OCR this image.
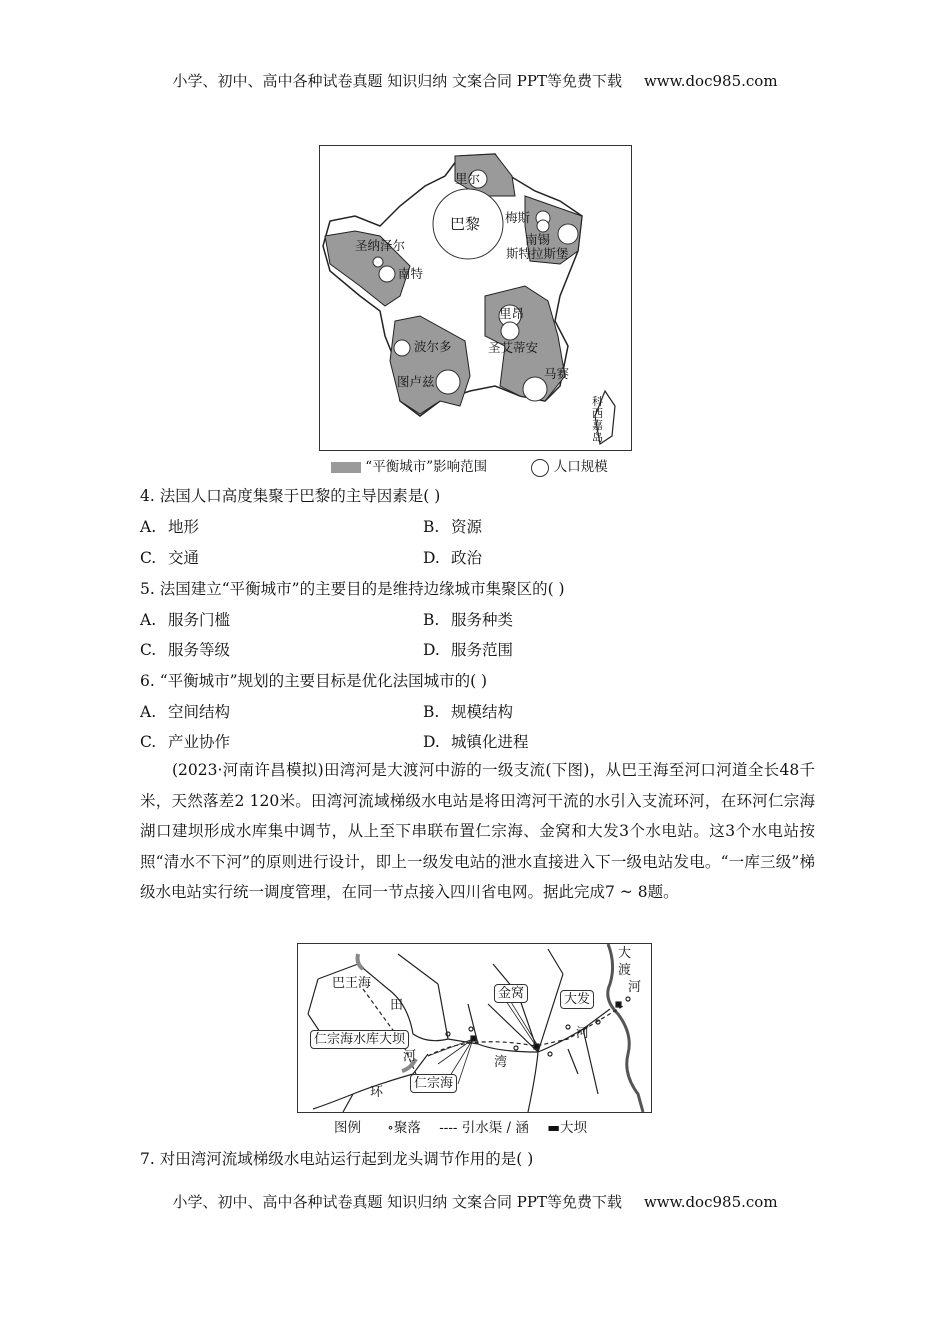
小学、初中、高中各种试卷真题 知识归纳 文案合同 PPT等免费下载 www.doc985.com
里尔
巴黎 梅斯
南锡
斯特拉斯堡
圣纳泽尔
南特
里昂
圣艾蒂安
波尔多
图卢兹
马赛
科
西
嘉
岛
“平衡城市”影响范围	人口规模
4. 法国人口高度集聚于巴黎的主导因素是( )
A. 地形	B. 资源
C. 交通	D. 政治
5. 法国建立“平衡城市”的主要目的是维持边缘城市集聚区的( )
A. 服务门槛	B. 服务种类
C. 服务等级	D. 服务范围
6. “平衡城市”规划的主要目标是优化法国城市的( )
A. 空间结构	B. 规模结构
C. 产业协作	D. 城镇化进程
(2023·河南许昌模拟)田湾河是大渡河中游的一级支流(下图)，从巴王海至河口河道全长48千米，天然落差2 120米。田湾河流域梯级水电站是将田湾河干流的水引入支流环河，在环河仁宗海湖口建坝形成水库集中调节，从上至下串联布置仁宗海、金窝和大发3个水电站。这3个水电站按照“清水不下河”的原则进行设计，即上一级发电站的泄水直接进入下一级电站发电。“一库三级”梯级水电站实行统一调度管理，在同一节点接入四川省电网。据此完成7 ~ 8题。
巴王海
田
仁宗海水库大坝
河
环
仁宗海
湾
金窝	大发
河
大
渡
河
图例 ∘聚落 ---- 引水渠 / 涵 ▬大坝
7. 对田湾河流域梯级水电站运行起到龙头调节作用的是( )
小学、初中、高中各种试卷真题 知识归纳 文案合同 PPT等免费下载 www.doc985.com
